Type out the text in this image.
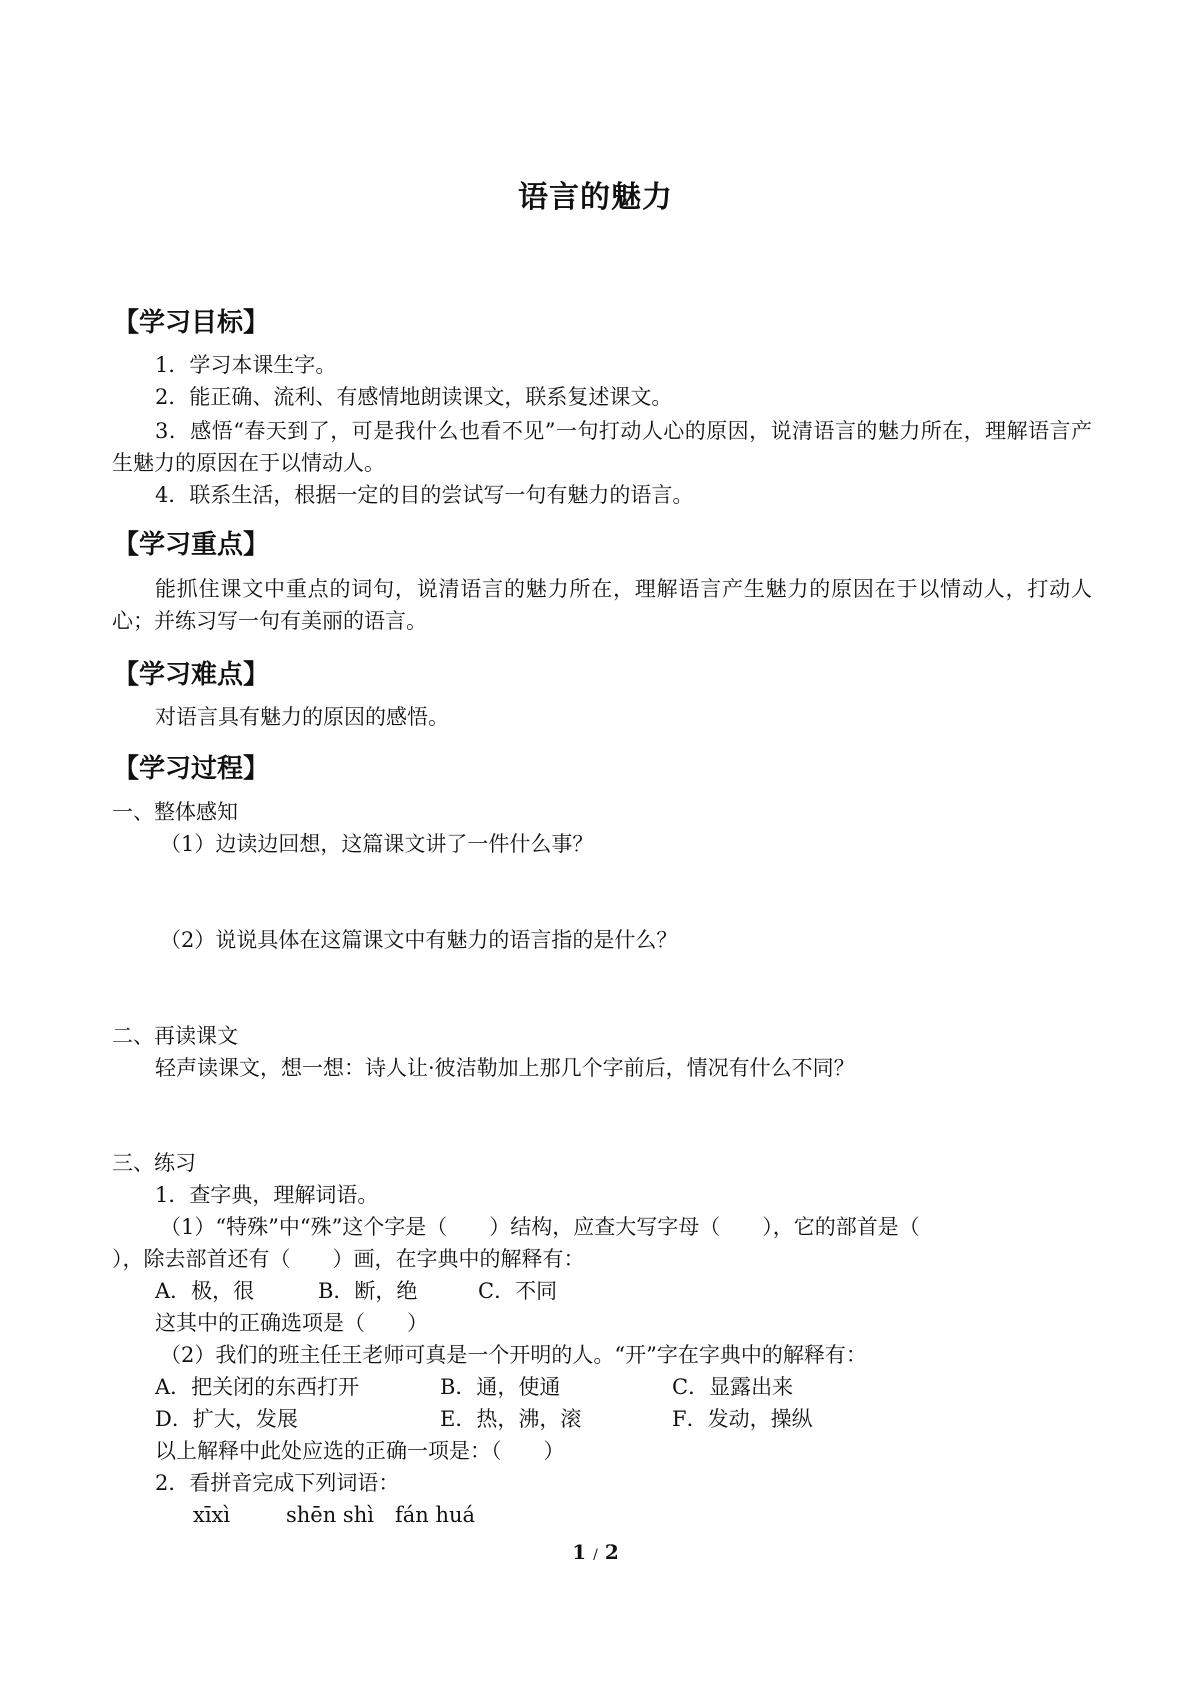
语言的魅力
【学习目标】
1．学习本课生字。
2．能正确、流利、有感情地朗读课文，联系复述课文。
3．感悟“春天到了，可是我什么也看不见”一句打动人心的原因，说清语言的魅力所在，理解语言产生魅力的原因在于以情动人。
4．联系生活，根据一定的目的尝试写一句有魅力的语言。
【学习重点】
能抓住课文中重点的词句，说清语言的魅力所在，理解语言产生魅力的原因在于以情动人，打动人心；并练习写一句有美丽的语言。
【学习难点】
对语言具有魅力的原因的感悟。
【学习过程】
一、整体感知
（1）边读边回想，这篇课文讲了一件什么事？
（2）说说具体在这篇课文中有魅力的语言指的是什么？
二、再读课文
轻声读课文，想一想：诗人让·彼洁勒加上那几个字前后，情况有什么不同？
三、练习
1．查字典，理解词语。
（1）“特殊”中“殊”这个字是（　　）结构，应查大写字母（　　），它的部首是（
），除去部首还有（　　）画，在字典中的解释有：
A．极，很	B．断，绝	C．不同
这其中的正确选项是（　　）
（2）我们的班主任王老师可真是一个开明的人。“开”字在字典中的解释有：
A．把关闭的东西打开	B．通，使通	C．显露出来
D．扩大，发展	E．热，沸，滚	F．发动，操纵
以上解释中此处应选的正确一项是：（　　）
2．看拼音完成下列词语：
xīxì	shēn shì fán huá
1 / 2
